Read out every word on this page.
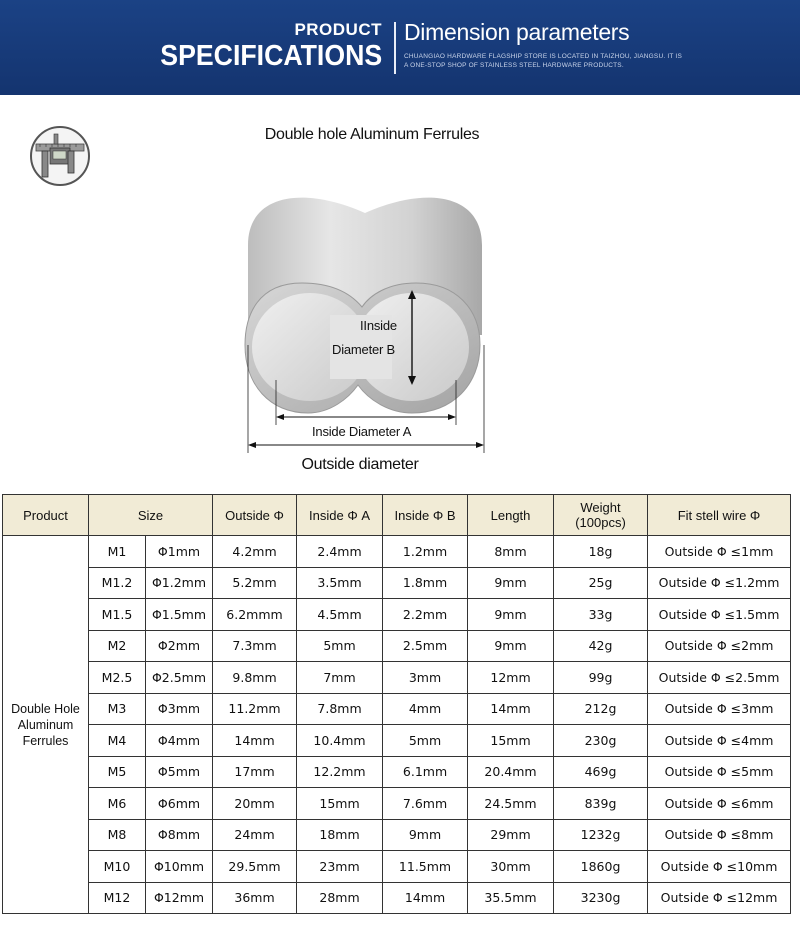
PRODUCT
SPECIFICATIONS
Dimension parameters
CHUANGIAO HARDWARE FLAGSHIP STORE IS LOCATED IN TAIZHOU, JIANGSU. IT IS
A ONE-STOP SHOP OF STAINLESS STEEL HARDWARE PRODUCTS.
Double hole Aluminum Ferrules
IInside
Diameter B
Inside Diameter A
Outside diameter
Product	Size		Outside Φ	Inside Φ A	Inside Φ B	Length	Weight
(100pcs)	Fit stell wire Φ
Double Hole Aluminum Ferrules	M1	Φ1mm	4.2mm	2.4mm	1.2mm	8mm	18g	Outside Φ ≤1mm
	M1.2	Φ1.2mm	5.2mm	3.5mm	1.8mm	9mm	25g	Outside Φ ≤1.2mm
	M1.5	Φ1.5mm	6.2mmm	4.5mm	2.2mm	9mm	33g	Outside Φ ≤1.5mm
	M2	Φ2mm	7.3mm	5mm	2.5mm	9mm	42g	Outside Φ ≤2mm
	M2.5	Φ2.5mm	9.8mm	7mm	3mm	12mm	99g	Outside Φ ≤2.5mm
	M3	Φ3mm	11.2mm	7.8mm	4mm	14mm	212g	Outside Φ ≤3mm
	M4	Φ4mm	14mm	10.4mm	5mm	15mm	230g	Outside Φ ≤4mm
	M5	Φ5mm	17mm	12.2mm	6.1mm	20.4mm	469g	Outside Φ ≤5mm
	M6	Φ6mm	20mm	15mm	7.6mm	24.5mm	839g	Outside Φ ≤6mm
	M8	Φ8mm	24mm	18mm	9mm	29mm	1232g	Outside Φ ≤8mm
	M10	Φ10mm	29.5mm	23mm	11.5mm	30mm	1860g	Outside Φ ≤10mm
	M12	Φ12mm	36mm	28mm	14mm	35.5mm	3230g	Outside Φ ≤12mm
